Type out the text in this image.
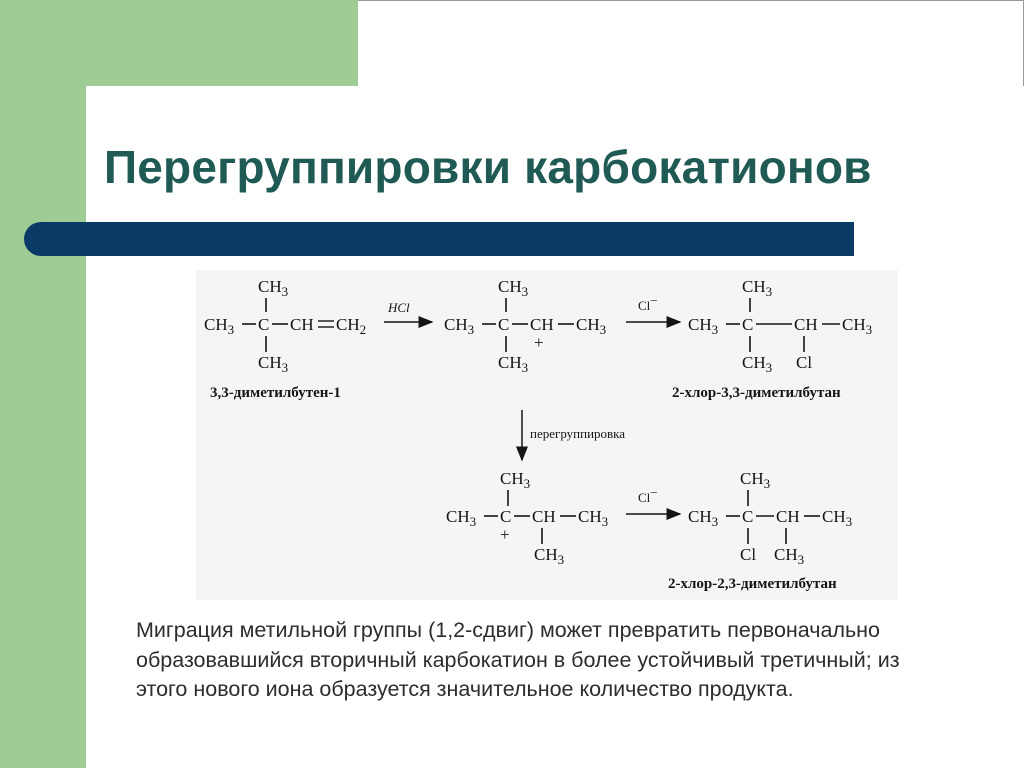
Перегруппировки карбокатионов
$CH_3$
$CH_3$ C CH $CH_2$
$CH_3$
3,3-диметилбутен-1
HCl
$CH_3$
$CH_3$ C CH
+
$CH_3$
$CH_3$
Cl−
$CH_3$
$CH_3$ C CH $CH_3$
$CH_3$ Cl
2-хлор-3,3-диметилбутан
перегруппировка
$CH_3$
$CH_3$ C
+
CH $CH_3$
$CH_3$
Cl−
$CH_3$
$CH_3$ C CH $CH_3$
Cl $CH_3$
2-хлор-2,3-диметилбутан

Миграция метильной группы (1,2-сдвиг) может превратить первоначально образовавшийся вторичный карбокатион в более устойчивый третичный; из этого нового иона образуется значительное количество продукта.
